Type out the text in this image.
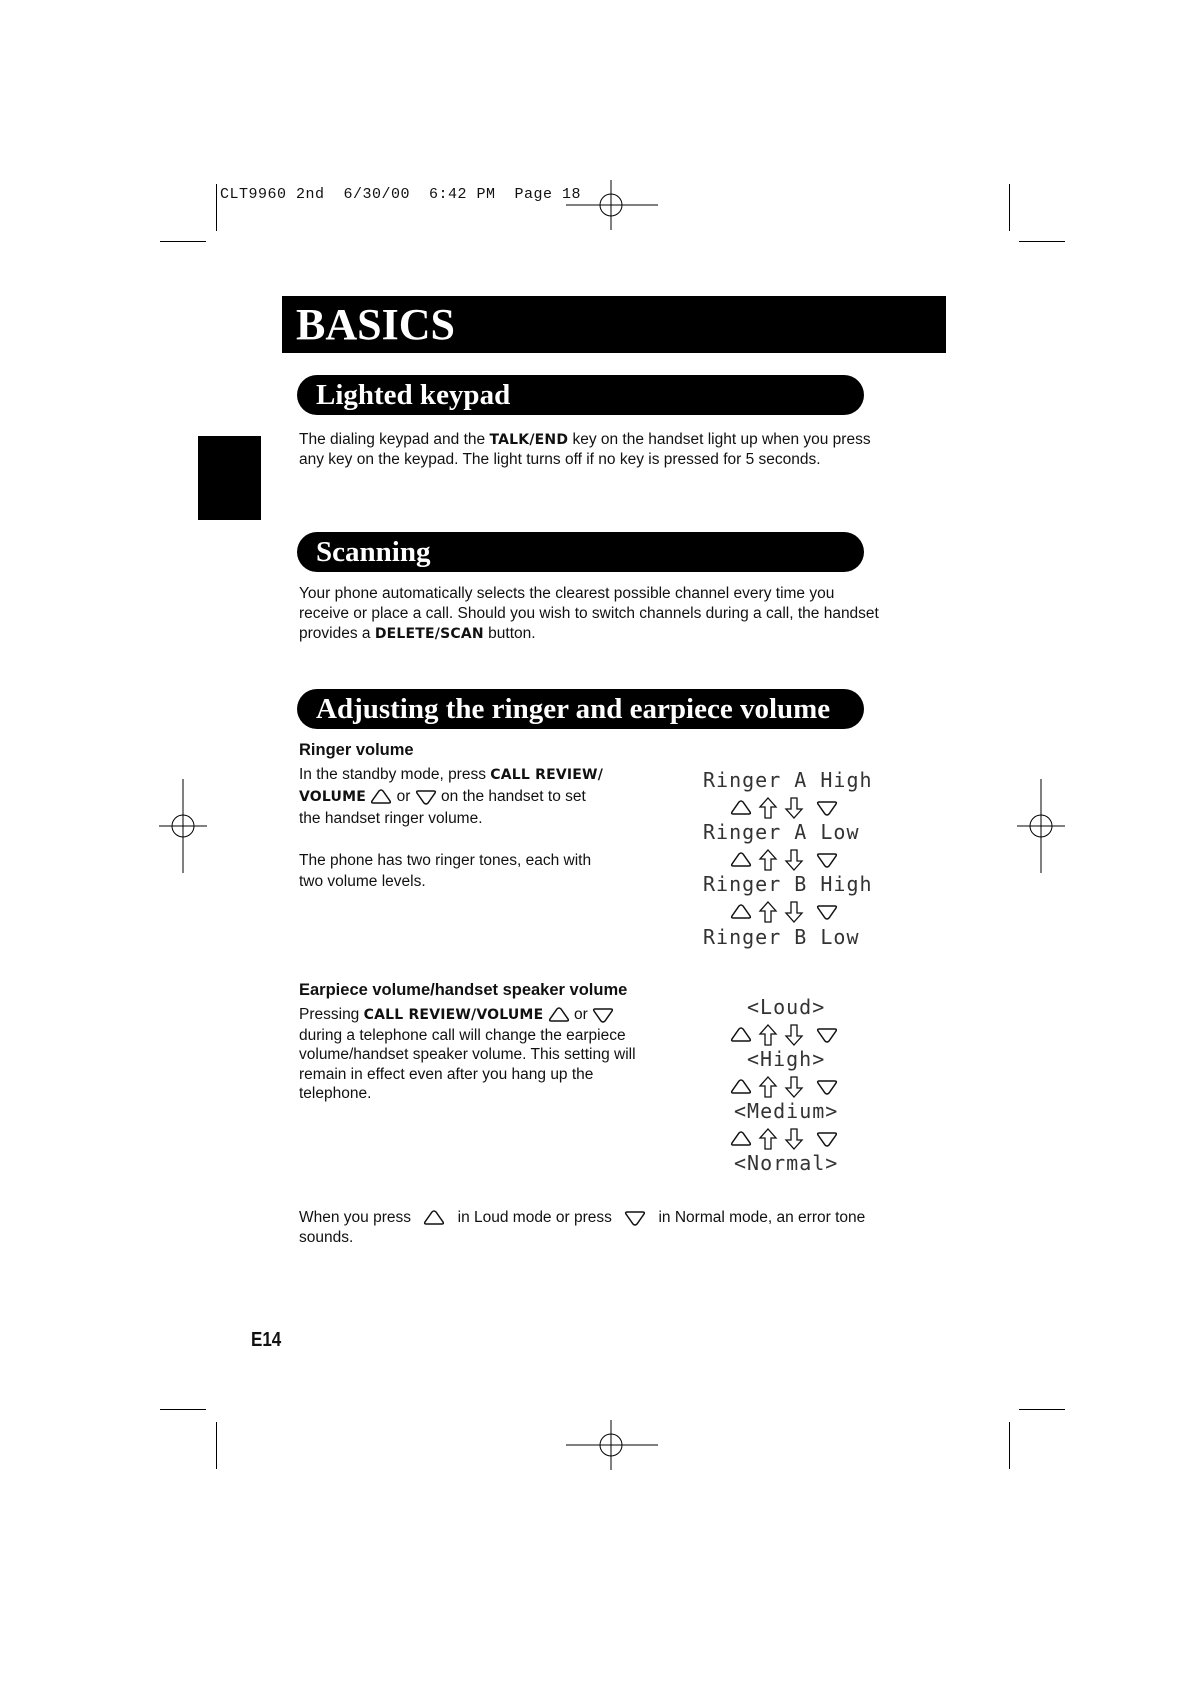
CLT9960 2nd  6/30/00  6:42 PM  Page 18
BASICS
Lighted keypad

The dialing keypad and the TALK/END key on the handset light up when you press
any key on the keypad. The light turns off if no key is pressed for 5 seconds.

Scanning

Your phone automatically selects the clearest possible channel every time you
receive or place a call. Should you wish to switch channels during a call, the handset
provides a DELETE/SCAN button.

Adjusting the ringer and earpiece volume
Ringer volume

In the standby mode, press CALL REVIEW/
VOLUME or on the handset to set
the handset ringer volume.

The phone has two ringer tones, each with
two volume levels.

Ringer A High
Ringer A Low
Ringer B High
Ringer B Low
Earpiece volume/handset speaker volume

Pressing CALL REVIEW/VOLUME or
during a telephone call will change the earpiece
volume/handset speaker volume. This setting will
remain in effect even after you hang up the
telephone.

<Loud>
<High>
<Medium>
<Normal>

When you press	in Loud mode or press	in Normal mode, an error tone
sounds.

E14
